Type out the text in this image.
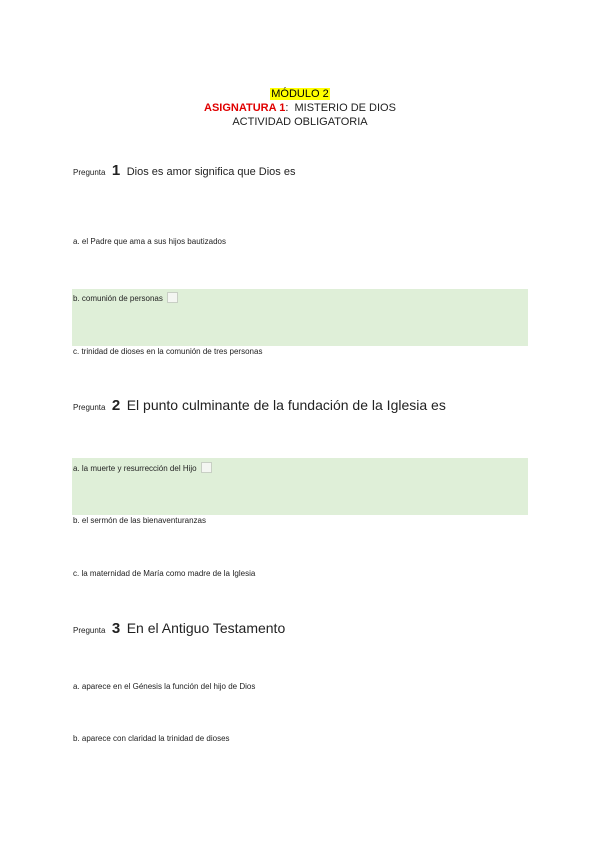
MÓDULO 2
ASIGNATURA 1: MISTERIO DE DIOS
ACTIVIDAD OBLIGATORIA
Pregunta 1 Dios es amor significa que Dios es
a. el Padre que ama a sus hijos bautizados
b. comunión de personas
c. trinidad de dioses en la comunión de tres personas
Pregunta 2 El punto culminante de la fundación de la Iglesia es
a. la muerte y resurrección del Hijo
b. el sermón de las bienaventuranzas
c. la maternidad de María como madre de la Iglesia
Pregunta 3 En el Antiguo Testamento
a. aparece en el Génesis la función del hijo de Dios
b. aparece con claridad la trinidad de dioses
